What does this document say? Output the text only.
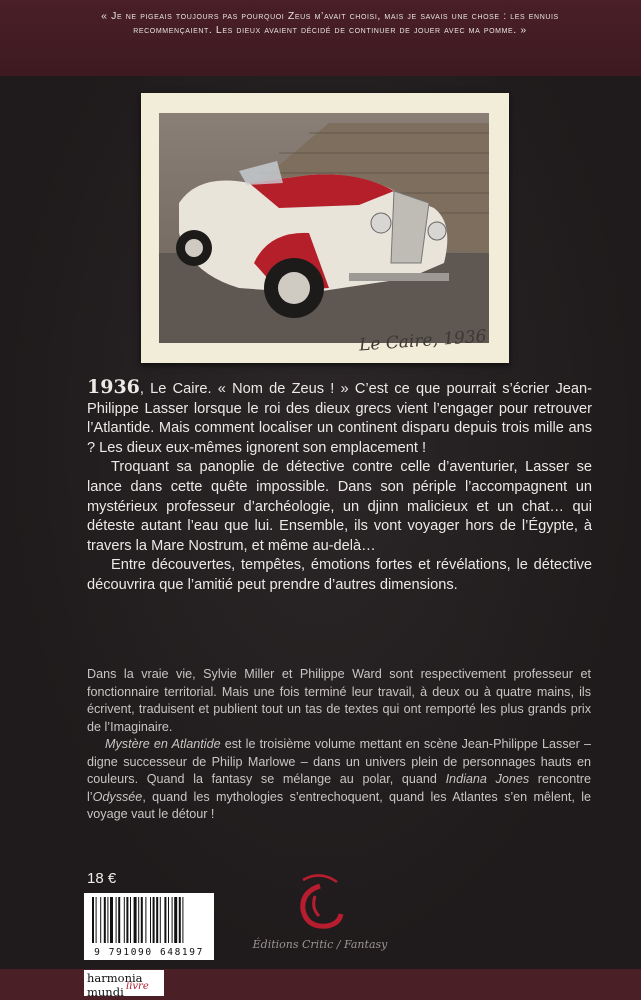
« Je ne pigeais toujours pas pourquoi Zeus m’avait choisi, mais je savais une chose : les ennuis recommençaient. Les dieux avaient décidé de continuer de jouer avec ma pomme. »
Le Caire, 1936

1936, Le Caire. « Nom de Zeus ! » C’est ce que pourrait s’écrier Jean-Philippe Lasser lorsque le roi des dieux grecs vient l’engager pour retrouver l’Atlantide. Mais comment localiser un continent disparu depuis trois mille ans ? Les dieux eux-mêmes ignorent son emplacement !

Troquant sa panoplie de détective contre celle d’aventurier, Lasser se lance dans cette quête impossible. Dans son périple l’accompagnent un mystérieux professeur d’archéologie, un djinn malicieux et un chat… qui déteste autant l’eau que lui. Ensemble, ils vont voyager hors de l’Égypte, à travers la Mare Nostrum, et même au-delà…

Entre découvertes, tempêtes, émotions fortes et révélations, le détective découvrira que l’amitié peut prendre d’autres dimensions.

Dans la vraie vie, Sylvie Miller et Philippe Ward sont respectivement professeur et fonctionnaire territorial. Mais une fois terminé leur travail, à deux ou à quatre mains, ils écrivent, traduisent et publient tout un tas de textes qui ont remporté les plus grands prix de l’Imaginaire.

Mystère en Atlantide est le troisième volume mettant en scène Jean-Philippe Lasser – digne successeur de Philip Marlowe – dans un univers plein de personnages hauts en couleurs. Quand la fantasy se mélange au polar, quand Indiana Jones rencontre l’Odyssée, quand les mythologies s’entrechoquent, quand les Atlantes s’en mêlent, le voyage vaut le détour !

18 €
9 791090 648197
Éditions Critic / Fantasy
harmonia mundi livre
